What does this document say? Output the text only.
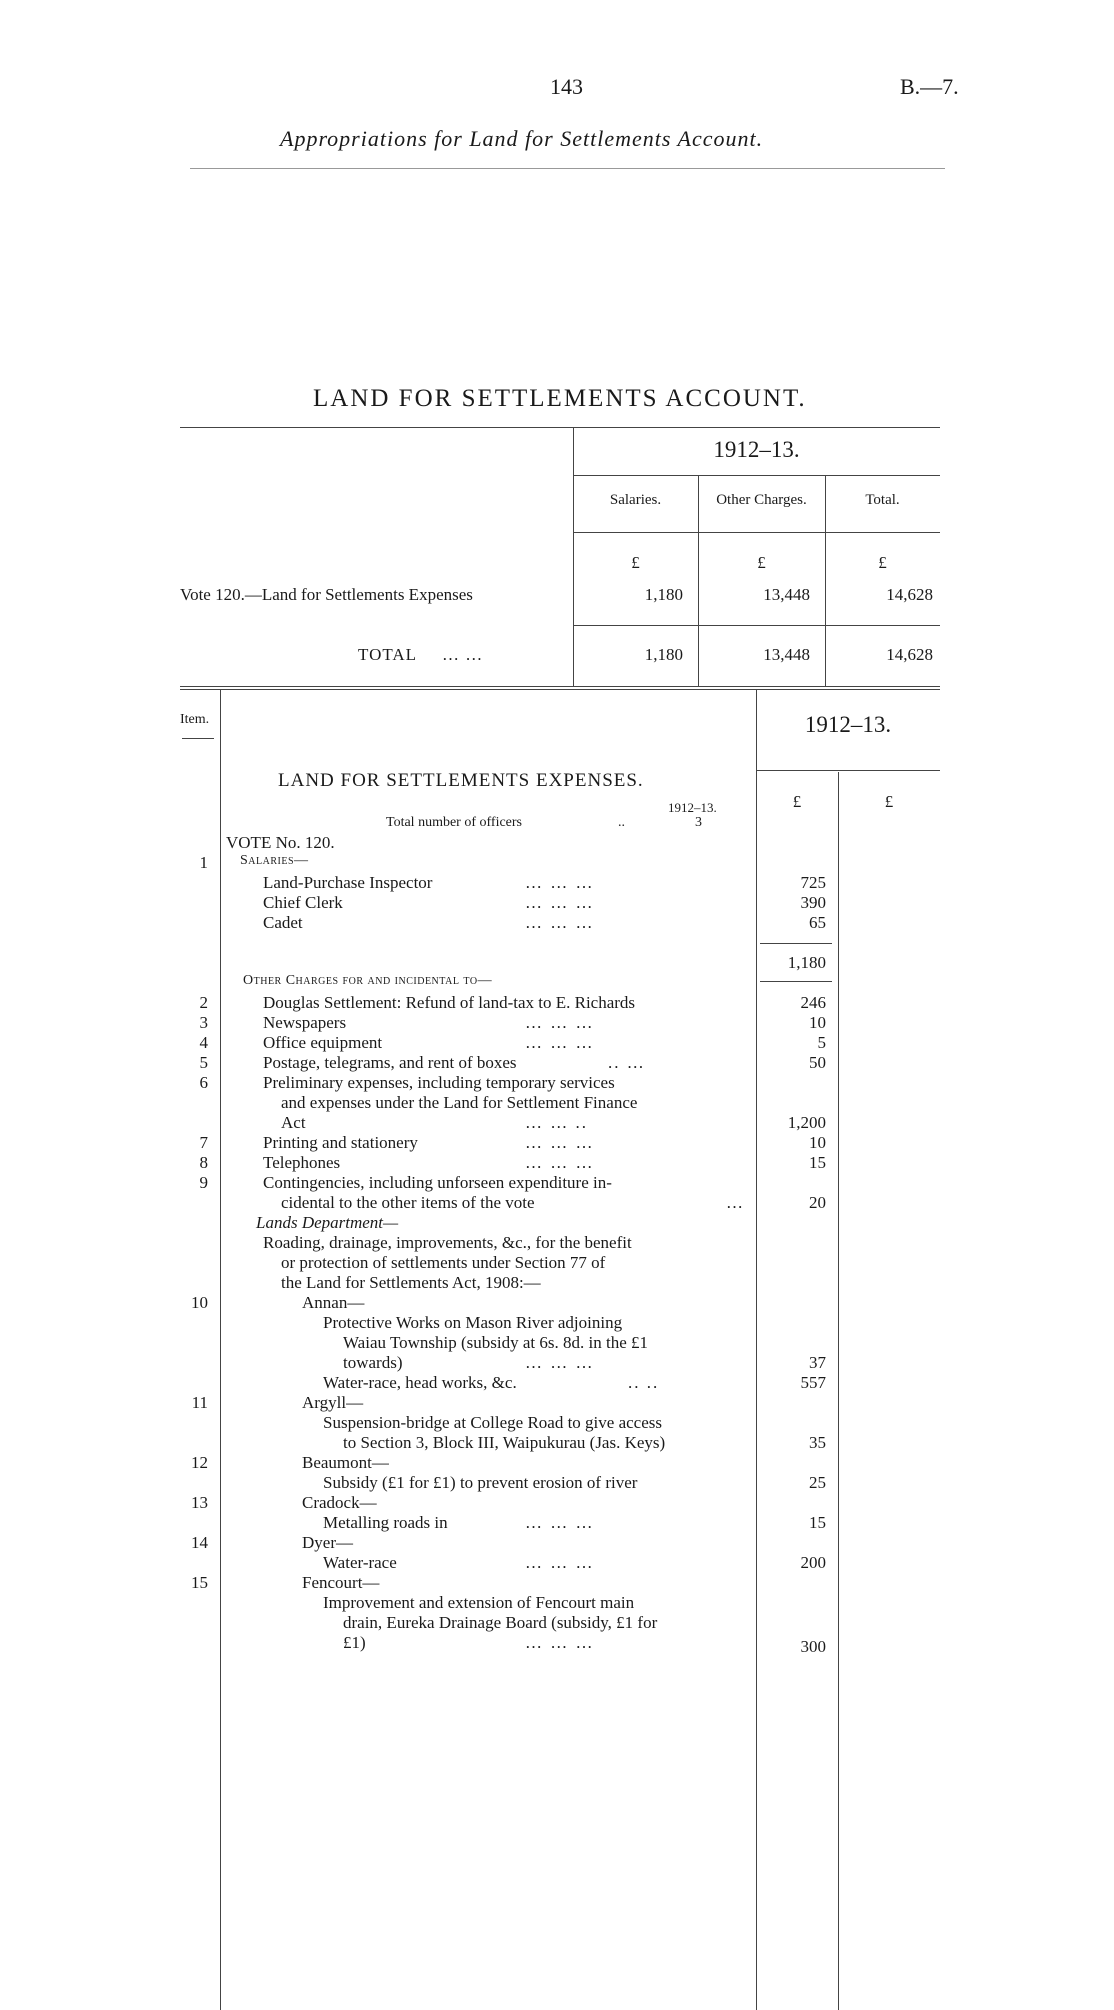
143	B.—7.
Appropriations for Land for Settlements Account.
LAND FOR SETTLEMENTS ACCOUNT.
1912–13.
Salaries.	Other Charges.	Total.
£	£	£
Vote 120.—Land for Settlements Expenses	1,180	13,448	14,628
TOTAL … …	1,180	13,448	14,628
Item.	1912–13.
LAND FOR SETTLEMENTS EXPENSES.
1912–13.
Total number of officers	..	3
£	£
VOTE No. 120.
1 Salaries—
Land-Purchase Inspector	… … …	725
Chief Clerk	… … …	390
Cadet	… … …	65
1,180
Other Charges for and incidental to—
2	Douglas Settlement: Refund of land-tax to E. Richards	246
3	Newspapers	… … …	10
4	Office equipment	… … …	5
5	Postage, telegrams, and rent of boxes	.. …	50
6	Preliminary expenses, including temporary services
and expenses under the Land for Settlement Finance
Act	… … ..	1,200
7	Printing and stationery	… … …	10
8	Telephones	… … …	15
9	Contingencies, including unforseen expenditure in-
cidental to the other items of the vote	…	20
Lands Department—
Roading, drainage, improvements, &c., for the benefit
or protection of settlements under Section 77 of
the Land for Settlements Act, 1908:—
10	Annan—
Protective Works on Mason River adjoining
Waiau Township (subsidy at 6s. 8d. in the £1
towards)	… … …	37
Water-race, head works, &c.	.. ..	557
11	Argyll—
Suspension-bridge at College Road to give access
to Section 3, Block III, Waipukurau (Jas. Keys)	35
12	Beaumont—
Subsidy (£1 for £1) to prevent erosion of river	25
13	Cradock—
Metalling roads in	… … …	15
14	Dyer—
Water-race	… … …	200
15	Fencourt—
Improvement and extension of Fencourt main
drain, Eureka Drainage Board (subsidy, £1 for
£1)	… … …	300
